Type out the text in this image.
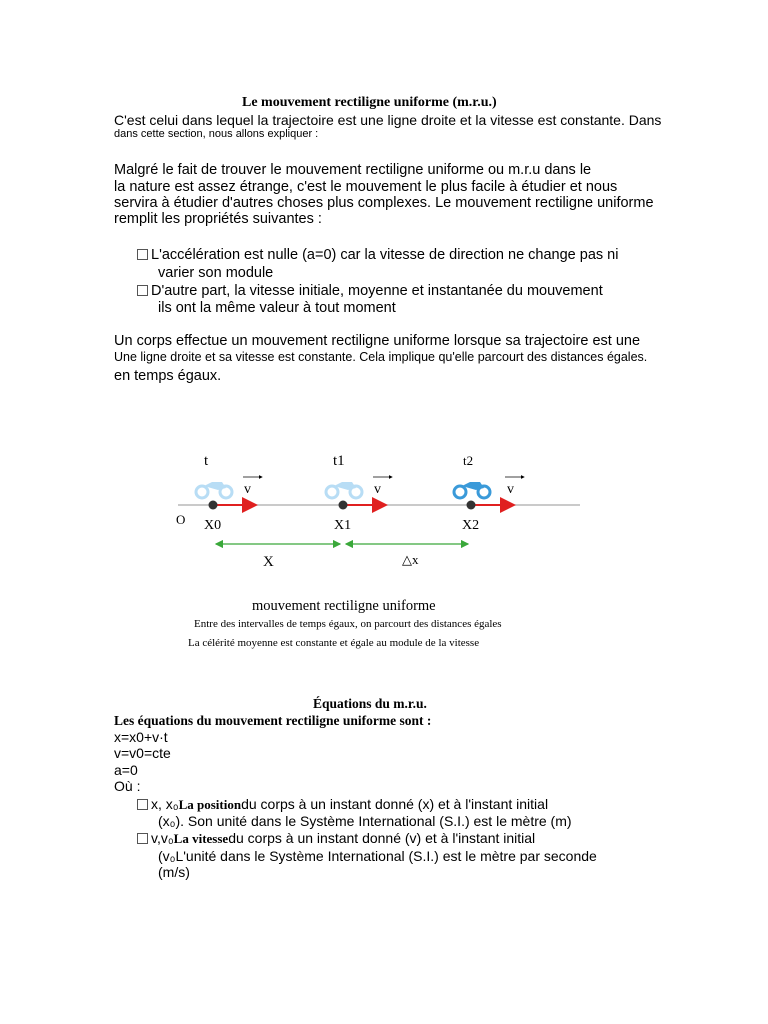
Le mouvement rectiligne uniforme (m.r.u.)
C'est celui dans lequel la trajectoire est une ligne droite et la vitesse est constante. Dans
dans cette section, nous allons expliquer :
Malgré le fait de trouver le mouvement rectiligne uniforme ou m.r.u dans le
la nature est assez étrange, c'est le mouvement le plus facile à étudier et nous
servira à étudier d'autres choses plus complexes. Le mouvement rectiligne uniforme
remplit les propriétés suivantes :
L'accélération est nulle (a=0) car la vitesse de direction ne change pas ni
varier son module
D'autre part, la vitesse initiale, moyenne et instantanée du mouvement
ils ont la même valeur à tout moment
Un corps effectue un mouvement rectiligne uniforme lorsque sa trajectoire est une
Une ligne droite et sa vitesse est constante. Cela implique qu'elle parcourt des distances égales.
en temps égaux.
O
t	t1	t2
v	v	v
X0	X1	X2
X	△x
mouvement rectiligne uniforme
Entre des intervalles de temps égaux, on parcourt des distances égales
La célérité moyenne est constante et égale au module de la vitesse
Équations du m.r.u.
Les équations du mouvement rectiligne uniforme sont :
x=x0+v·t
v=v0=cte
a=0
Où :
x, x₀La positiondu corps à un instant donné (x) et à l'instant initial
(x₀). Son unité dans le Système International (S.I.) est le mètre (m)
v,v₀La vitessedu corps à un instant donné (v) et à l'instant initial
(v₀L'unité dans le Système International (S.I.) est le mètre par seconde
(m/s)
